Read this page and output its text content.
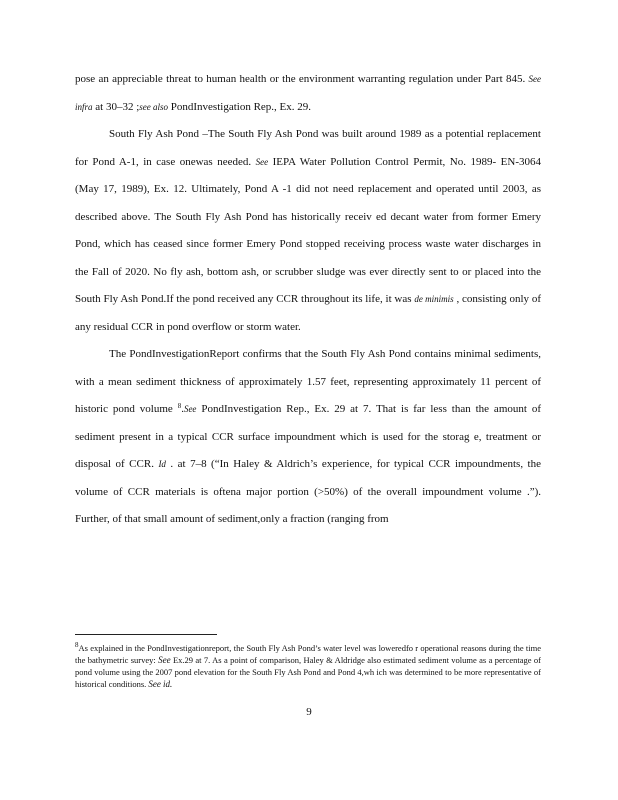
pose an appreciable threat to human health or the environment warranting regulation under Part 845. See infra at 30–32 ;see also PondInvestigation Rep., Ex. 29.

South Fly Ash Pond –The South Fly Ash Pond was built around 1989 as a potential replacement for Pond A-1, in case onewas needed. See IEPA Water Pollution Control Permit, No. 1989- EN-3064 (May 17, 1989), Ex. 12. Ultimately, Pond A -1 did not need replacement and operated until 2003, as described above. The South Fly Ash Pond has historically receiv ed decant water from former Emery Pond, which has ceased since former Emery Pond stopped receiving process waste water discharges in the Fall of 2020. No fly ash, bottom ash, or scrubber sludge was ever directly sent to or placed into the South Fly Ash Pond.If the pond received any CCR throughout its life, it was de minimis , consisting only of any residual CCR in pond overflow or storm water.

The PondInvestigationReport confirms that the South Fly Ash Pond contains minimal sediments, with a mean sediment thickness of approximately 1.57 feet, representing approximately 11 percent of historic pond volume $^8$.See PondInvestigation Rep., Ex. 29 at 7. That is far less than the amount of sediment present in a typical CCR surface impoundment which is used for the storag e, treatment or disposal of CCR. Id . at 7–8 (“In Haley & Aldrich’s experience, for typical CCR impoundments, the volume of CCR materials is oftena major portion (>50%) of the overall impoundment volume .”). Further, of that small amount of sediment,only a fraction (ranging from

$^8$As explained in the PondInvestigationreport, the South Fly Ash Pond’s water level was loweredfo r operational reasons during the time the bathymetric survey: See Ex.29 at 7. As a point of comparison, Haley & Aldridge also estimated sediment volume as a percentage of pond volume using the 2007 pond elevation for the South Fly Ash Pond and Pond 4,wh ich was determined to be more representative of historical conditions. See id.
9
